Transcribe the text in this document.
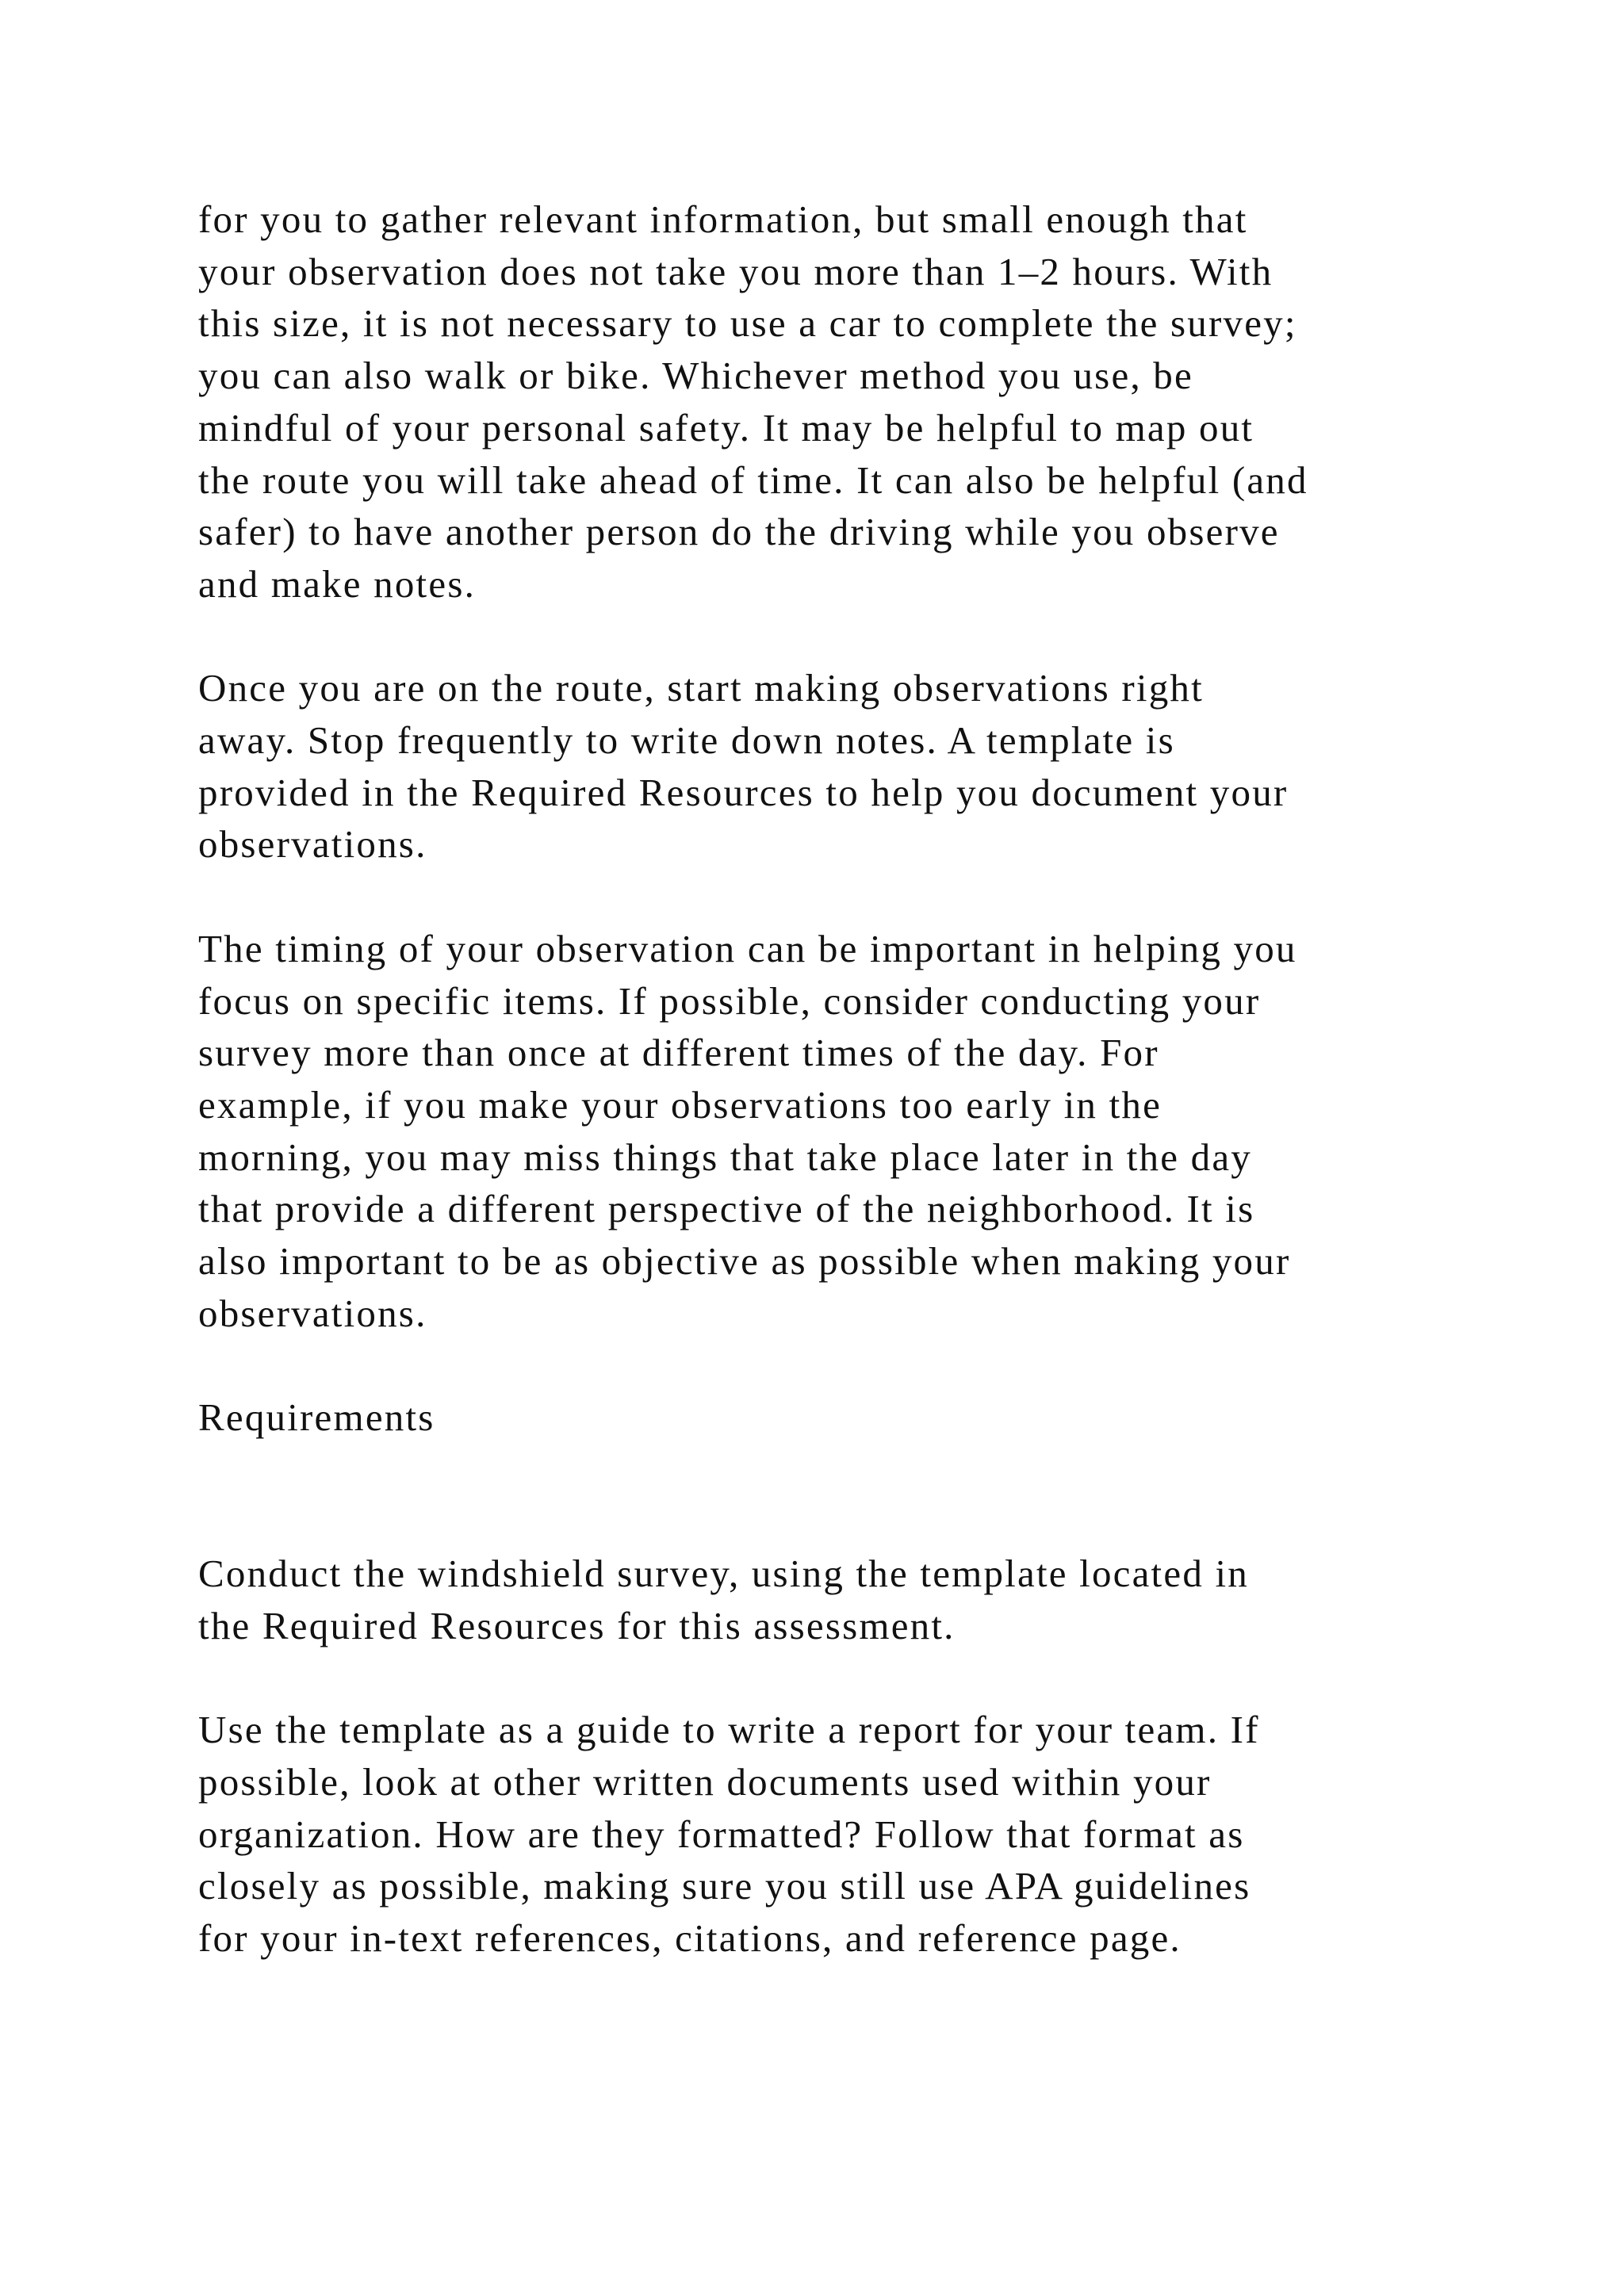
for you to gather relevant information, but small enough that
your observation does not take you more than 1–2 hours. With
this size, it is not necessary to use a car to complete the survey;
you can also walk or bike. Whichever method you use, be
mindful of your personal safety. It may be helpful to map out
the route you will take ahead of time. It can also be helpful (and
safer) to have another person do the driving while you observe
and make notes.

Once you are on the route, start making observations right
away. Stop frequently to write down notes. A template is
provided in the Required Resources to help you document your
observations.

The timing of your observation can be important in helping you
focus on specific items. If possible, consider conducting your
survey more than once at different times of the day. For
example, if you make your observations too early in the
morning, you may miss things that take place later in the day
that provide a different perspective of the neighborhood. It is
also important to be as objective as possible when making your
observations.

Requirements

Conduct the windshield survey, using the template located in
the Required Resources for this assessment.

Use the template as a guide to write a report for your team. If
possible, look at other written documents used within your
organization. How are they formatted? Follow that format as
closely as possible, making sure you still use APA guidelines
for your in-text references, citations, and reference page.
